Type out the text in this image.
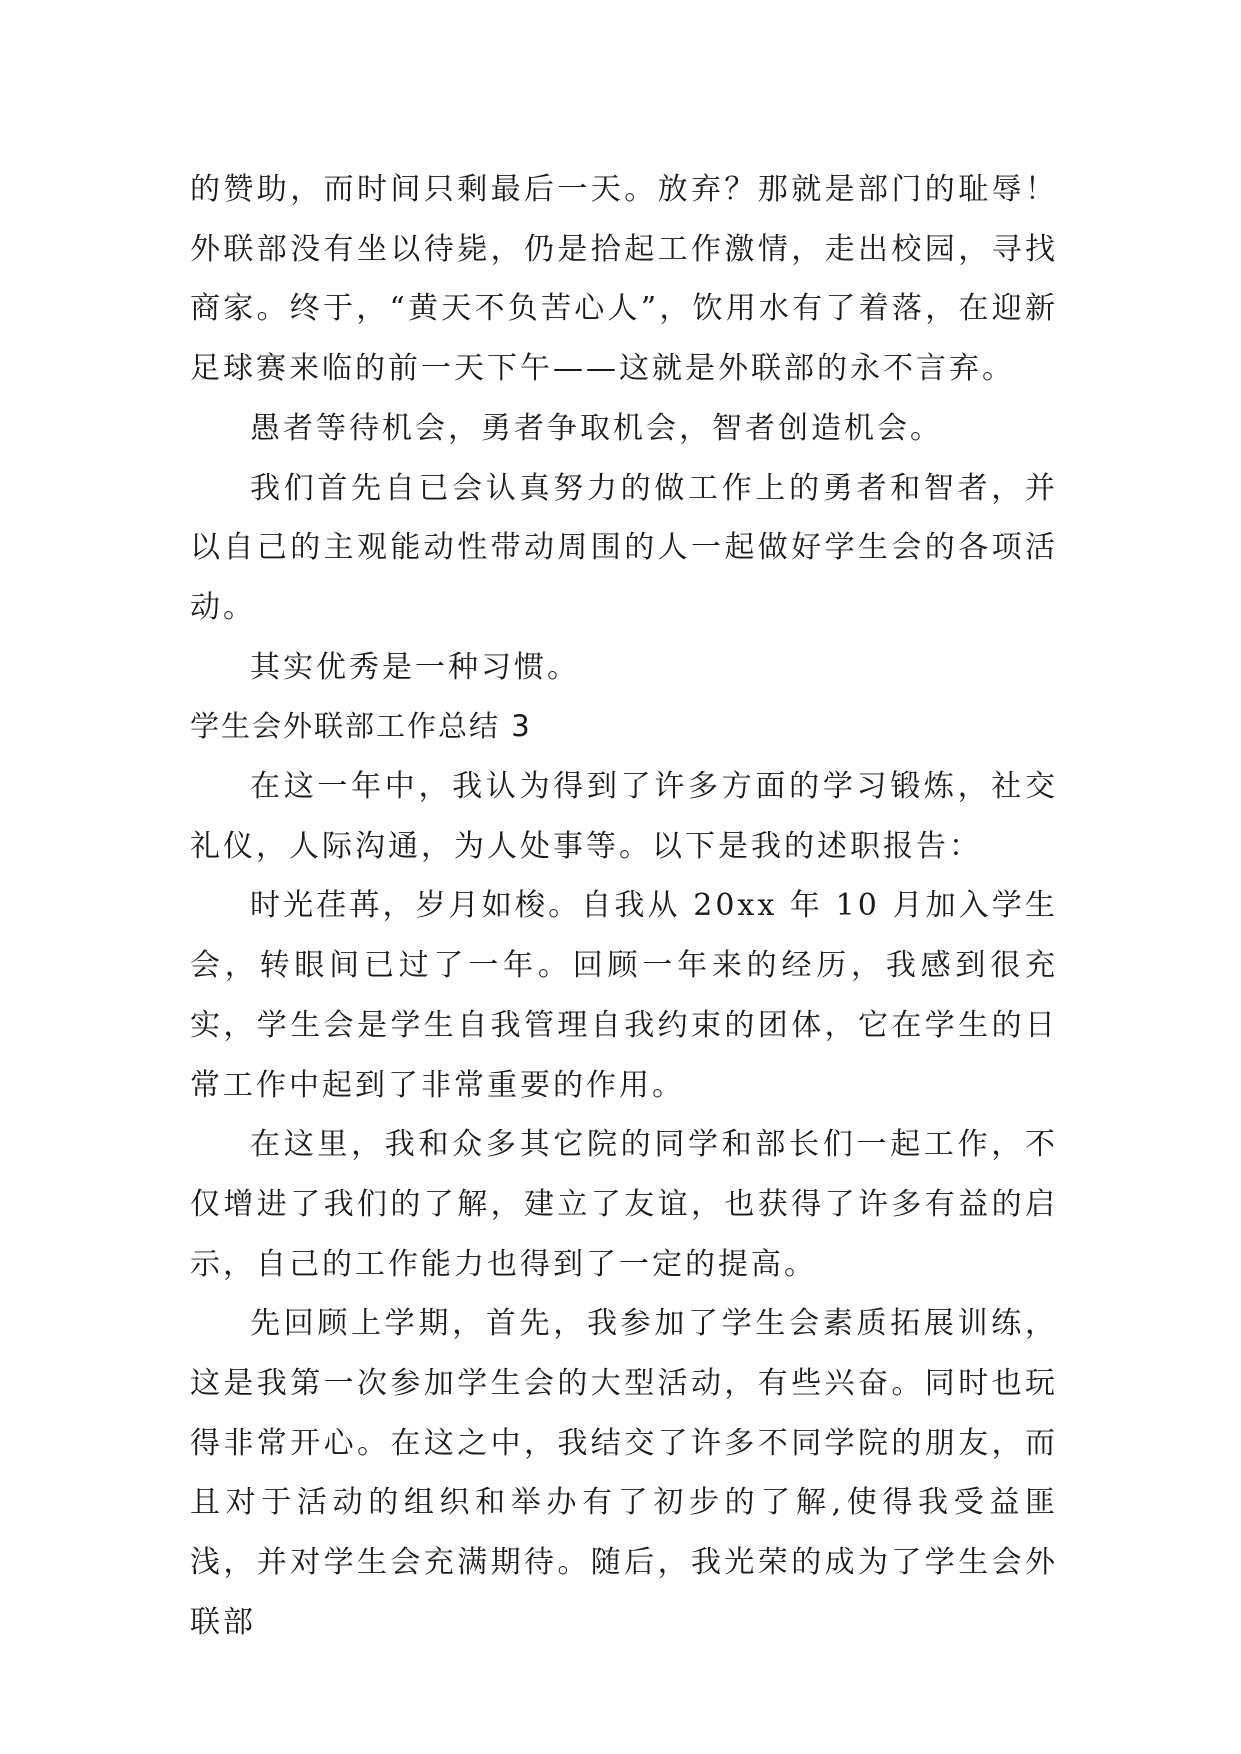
的赞助，而时间只剩最后一天。放弃？那就是部门的耻辱！外联部没有坐以待毙，仍是拾起工作激情，走出校园，寻找商家。终于，“黄天不负苦心人”，饮用水有了着落，在迎新足球赛来临的前一天下午——这就是外联部的永不言弃。

愚者等待机会，勇者争取机会，智者创造机会。

我们首先自已会认真努力的做工作上的勇者和智者，并以自己的主观能动性带动周围的人一起做好学生会的各项活动。

其实优秀是一种习惯。

学生会外联部工作总结 3

在这一年中，我认为得到了许多方面的学习锻炼，社交礼仪，人际沟通，为人处事等。以下是我的述职报告：

时光荏苒，岁月如梭。自我从 20xx 年 10 月加入学生会，转眼间已过了一年。回顾一年来的经历，我感到很充实，学生会是学生自我管理自我约束的团体，它在学生的日常工作中起到了非常重要的作用。

在这里，我和众多其它院的同学和部长们一起工作，不仅增进了我们的了解，建立了友谊，也获得了许多有益的启示，自己的工作能力也得到了一定的提高。

先回顾上学期，首先，我参加了学生会素质拓展训练，这是我第一次参加学生会的大型活动，有些兴奋。同时也玩得非常开心。在这之中，我结交了许多不同学院的朋友，而且对于活动的组织和举办有了初步的了解,使得我受益匪浅，并对学生会充满期待。随后，我光荣的成为了学生会外联部
